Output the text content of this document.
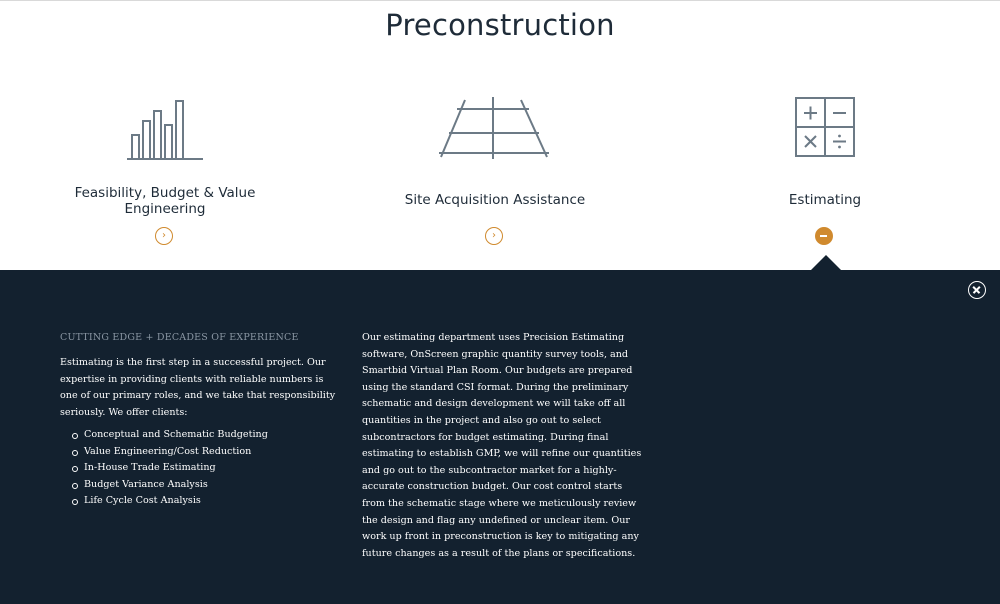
Preconstruction
Feasibility, Budget & Value Engineering
›
Site Acquisition Assistance
›
Estimating
CUTTING EDGE + DECADES OF EXPERIENCE

Estimating is the first step in a successful project. Our expertise in providing clients with reliable numbers is one of our primary roles, and we take that responsibility seriously. We offer clients:

Conceptual and Schematic Budgeting
Value Engineering/Cost Reduction
In-House Trade Estimating
Budget Variance Analysis
Life Cycle Cost Analysis

Our estimating department uses Precision Estimating software, OnScreen graphic quantity survey tools, and Smartbid Virtual Plan Room. Our budgets are prepared using the standard CSI format. During the preliminary schematic and design development we will take off all quantities in the project and also go out to select subcontractors for budget estimating. During final estimating to establish GMP, we will refine our quantities and go out to the subcontractor market for a highly-accurate construction budget. Our cost control starts from the schematic stage where we meticulously review the design and flag any undefined or unclear item. Our work up front in preconstruction is key to mitigating any future changes as a result of the plans or specifications.
